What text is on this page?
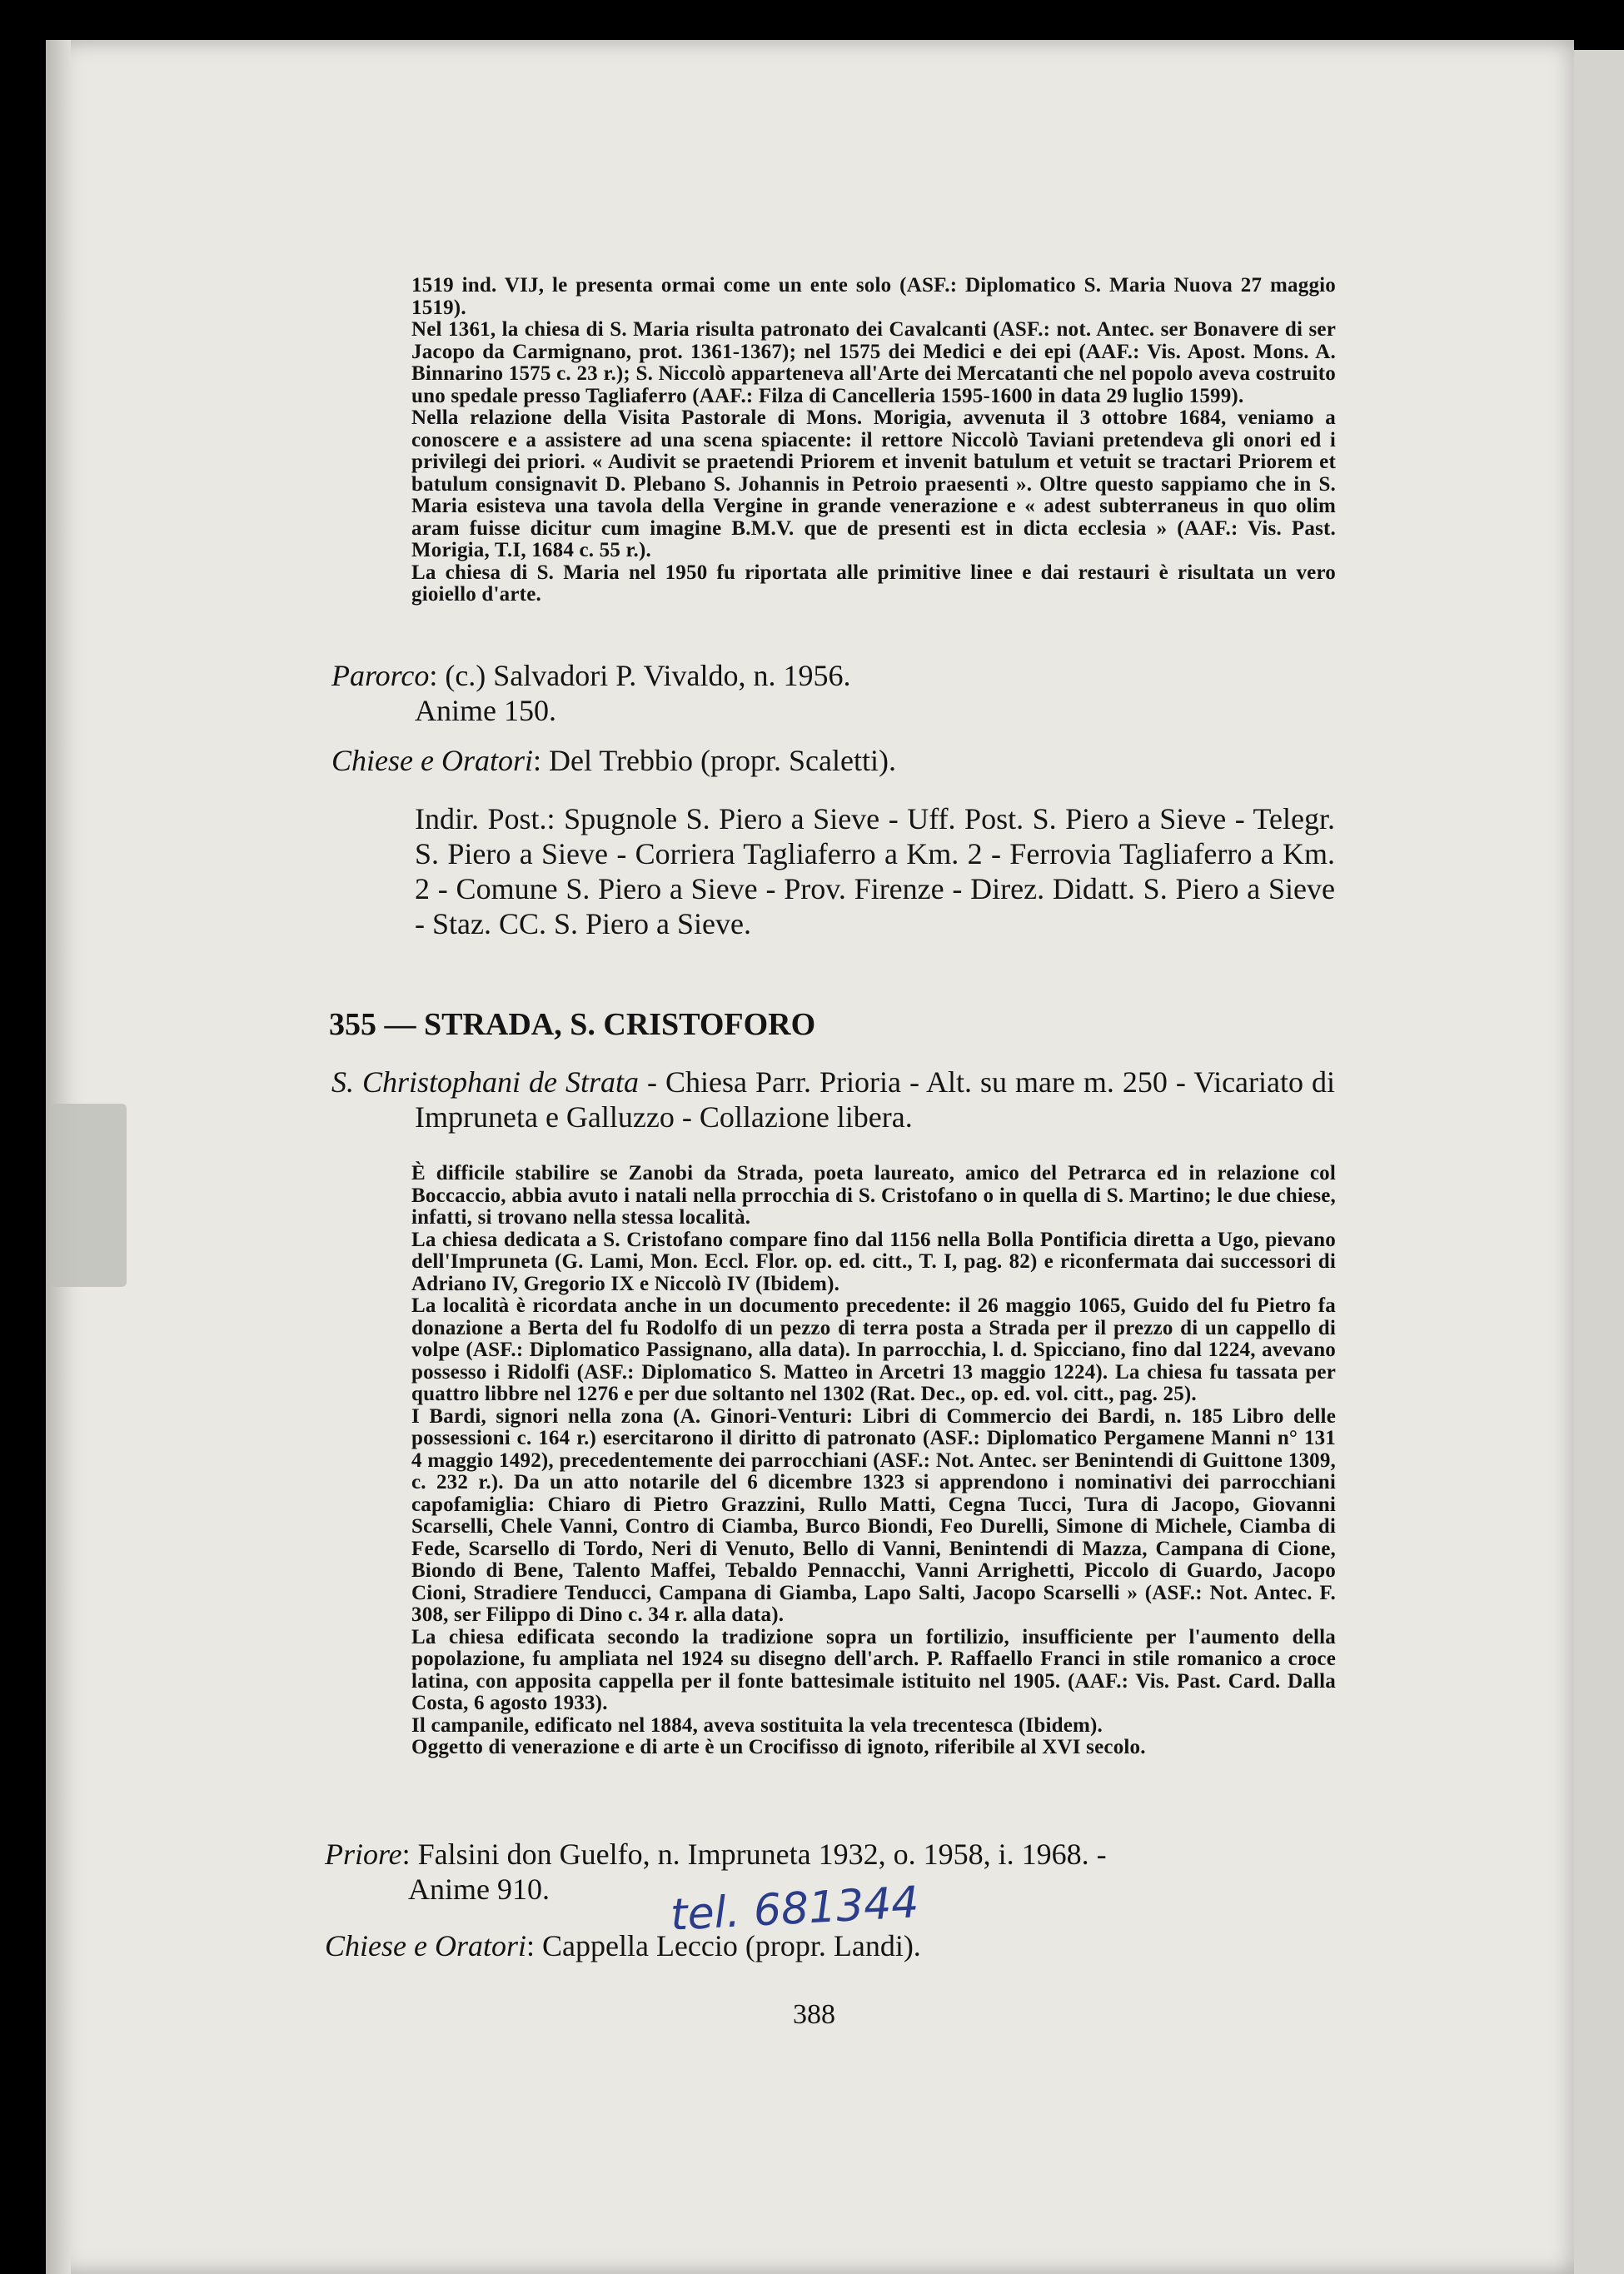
1519 ind. VIJ, le presenta ormai come un ente solo (ASF.: Diplomatico S. Maria Nuova 27 maggio 1519).

Nel 1361, la chiesa di S. Maria risulta patronato dei Cavalcanti (ASF.: not. Antec. ser Bonavere di ser Jacopo da Carmignano, prot. 1361-1367); nel 1575 dei Medici e dei epi (AAF.: Vis. Apost. Mons. A. Binnarino 1575 c. 23 r.); S. Niccolò apparteneva all'Arte dei Mercatanti che nel popolo aveva costruito uno spedale presso Tagliaferro (AAF.: Filza di Cancelleria 1595-1600 in data 29 luglio 1599).

Nella relazione della Visita Pastorale di Mons. Morigia, avvenuta il 3 ottobre 1684, veniamo a conoscere e a assistere ad una scena spiacente: il rettore Niccolò Taviani pretendeva gli onori ed i privilegi dei priori. « Audivit se praetendi Priorem et invenit batulum et vetuit se tractari Priorem et batulum consignavit D. Plebano S. Johannis in Petroio praesenti ». Oltre questo sappiamo che in S. Maria esisteva una tavola della Vergine in grande venerazione e « adest subterraneus in quo olim aram fuisse dicitur cum imagine B.M.V. que de presenti est in dicta ecclesia » (AAF.: Vis. Past. Morigia, T.I, 1684 c. 55 r.).

La chiesa di S. Maria nel 1950 fu riportata alle primitive linee e dai restauri è risultata un vero gioiello d'arte.

Parorco: (c.) Salvadori P. Vivaldo, n. 1956.
Anime 150.
Chiese e Oratori: Del Trebbio (propr. Scaletti).
Indir. Post.: Spugnole S. Piero a Sieve - Uff. Post. S. Piero a Sieve - Telegr. S. Piero a Sieve - Corriera Tagliaferro a Km. 2 - Ferrovia Tagliaferro a Km. 2 - Comune S. Piero a Sieve - Prov. Firenze - Direz. Didatt. S. Piero a Sieve - Staz. CC. S. Piero a Sieve.
355 — STRADA, S. CRISTOFORO
S. Christophani de Strata - Chiesa Parr. Prioria - Alt. su mare m. 250 - Vicariato di Impruneta e Galluzzo - Collazione libera.

È difficile stabilire se Zanobi da Strada, poeta laureato, amico del Petrarca ed in relazione col Boccaccio, abbia avuto i natali nella prrocchia di S. Cristofano o in quella di S. Martino; le due chiese, infatti, si trovano nella stessa località.

La chiesa dedicata a S. Cristofano compare fino dal 1156 nella Bolla Pontificia diretta a Ugo, pievano dell'Impruneta (G. Lami, Mon. Eccl. Flor. op. ed. citt., T. I, pag. 82) e riconfermata dai successori di Adriano IV, Gregorio IX e Niccolò IV (Ibidem).

La località è ricordata anche in un documento precedente: il 26 maggio 1065, Guido del fu Pietro fa donazione a Berta del fu Rodolfo di un pezzo di terra posta a Strada per il prezzo di un cappello di volpe (ASF.: Diplomatico Passignano, alla data). In parrocchia, l. d. Spicciano, fino dal 1224, avevano possesso i Ridolfi (ASF.: Diplomatico S. Matteo in Arcetri 13 maggio 1224). La chiesa fu tassata per quattro libbre nel 1276 e per due soltanto nel 1302 (Rat. Dec., op. ed. vol. citt., pag. 25).

I Bardi, signori nella zona (A. Ginori-Venturi: Libri di Commercio dei Bardi, n. 185 Libro delle possessioni c. 164 r.) esercitarono il diritto di patronato (ASF.: Diplomatico Pergamene Manni n° 131 4 maggio 1492), precedentemente dei parrocchiani (ASF.: Not. Antec. ser Benintendi di Guittone 1309, c. 232 r.). Da un atto notarile del 6 dicembre 1323 si apprendono i nominativi dei parrocchiani capofamiglia: Chiaro di Pietro Grazzini, Rullo Matti, Cegna Tucci, Tura di Jacopo, Giovanni Scarselli, Chele Vanni, Contro di Ciamba, Burco Biondi, Feo Durelli, Simone di Michele, Ciamba di Fede, Scarsello di Tordo, Neri di Venuto, Bello di Vanni, Benintendi di Mazza, Campana di Cione, Biondo di Bene, Talento Maffei, Tebaldo Pennacchi, Vanni Arrighetti, Piccolo di Guardo, Jacopo Cioni, Stradiere Tenducci, Campana di Giamba, Lapo Salti, Jacopo Scarselli » (ASF.: Not. Antec. F. 308, ser Filippo di Dino c. 34 r. alla data).

La chiesa edificata secondo la tradizione sopra un fortilizio, insufficiente per l'aumento della popolazione, fu ampliata nel 1924 su disegno dell'arch. P. Raffaello Franci in stile romanico a croce latina, con apposita cappella per il fonte battesimale istituito nel 1905. (AAF.: Vis. Past. Card. Dalla Costa, 6 agosto 1933).

Il campanile, edificato nel 1884, aveva sostituita la vela trecentesca (Ibidem).

Oggetto di venerazione e di arte è un Crocifisso di ignoto, riferibile al XVI secolo.

Priore: Falsini don Guelfo, n. Impruneta 1932, o. 1958, i. 1968. -
Anime 910.
Chiese e Oratori: Cappella Leccio (propr. Landi).
tel. 681344
388
